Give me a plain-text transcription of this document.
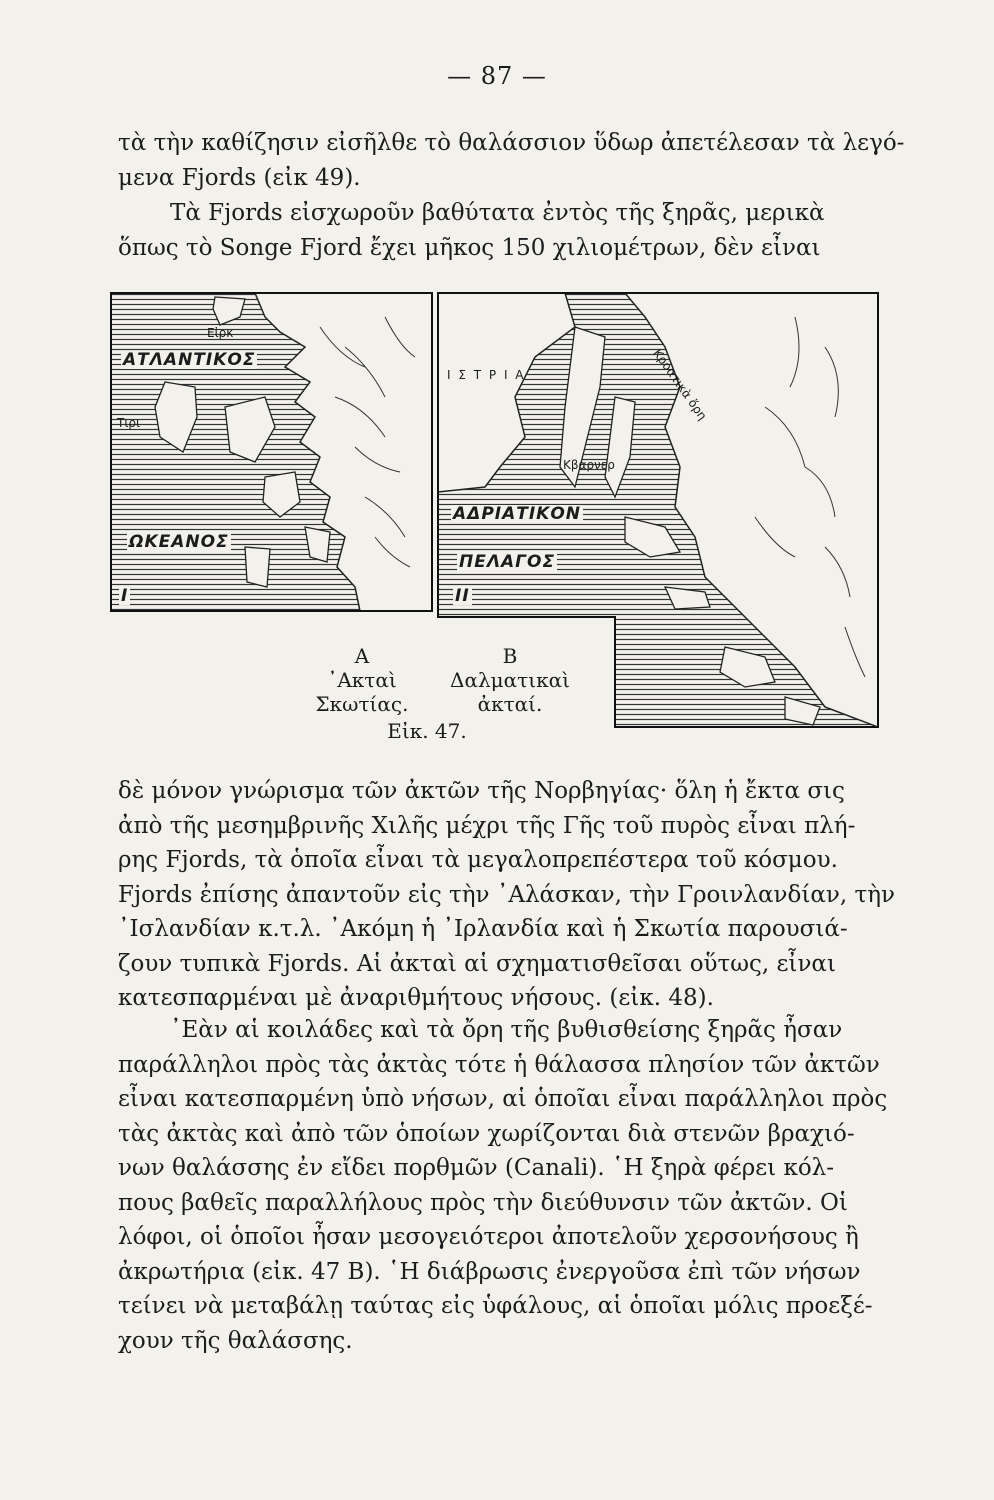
— 87 —

τὰ τὴν καθίζησιν εἰσῆλθε τὸ θαλάσσιον ὕδωρ ἀπετέλεσαν τὰ λεγό-
μενα Fjords (εἰκ 49).

Τὰ Fjords εἰσχωροῦν βαθύτατα ἐντὸς τῆς ξηρᾶς, μερικὰ
ὅπως τὸ Songe Fjord ἔχει μῆκος 150 χιλιομέτρων, δὲν εἶναι

Εἰρκ
ΑΤΛΑΝΤΙΚΟΣ
Τιρι
ΩΚΕΑΝΟΣ
I
Ι Σ Τ Ρ Ι Α
ΑΔΡΙΑΤΙΚΟΝ
ΠΕΛΑΓΟΣ
II
Κβαρνερ
Κροατικὰ ὄρη
Α
᾿Ακταὶ
Σκωτίας.
Β
Δαλματικαὶ
ἀκταί.
Εἰκ. 47.

δὲ μόνον γνώρισμα τῶν ἀκτῶν τῆς Νορβηγίας· ὅλη ἡ ἔκτα σις
ἀπὸ τῆς μεσημβρινῆς Χιλῆς μέχρι τῆς Γῆς τοῦ πυρὸς εἶναι πλή-
ρης Fjords, τὰ ὁποῖα εἶναι τὰ μεγαλοπρεπέστερα τοῦ κόσμου.
Fjords ἐπίσης ἀπαντοῦν εἰς τὴν ᾿Αλάσκαν, τὴν Γροινλανδίαν, τὴν
᾿Ισλανδίαν κ.τ.λ. ᾿Ακόμη ἡ ᾿Ιρλανδία καὶ ἡ Σκωτία παρουσιά-
ζουν τυπικὰ Fjords. Αἱ ἀκταὶ αἱ σχηματισθεῖσαι οὕτως, εἶναι
κατεσπαρμέναι μὲ ἀναριθμήτους νήσους. (εἰκ. 48).

᾿Εὰν αἱ κοιλάδες καὶ τὰ ὄρη τῆς βυθισθείσης ξηρᾶς ἦσαν
παράλληλοι πρὸς τὰς ἀκτὰς τότε ἡ θάλασσα πλησίον τῶν ἀκτῶν
εἶναι κατεσπαρμένη ὑπὸ νήσων, αἱ ὁποῖαι εἶναι παράλληλοι πρὸς
τὰς ἀκτὰς καὶ ἀπὸ τῶν ὁποίων χωρίζονται διὰ στενῶν βραχιό-
νων θαλάσσης ἐν εἴδει πορθμῶν (Canali). ῾Η ξηρὰ φέρει κόλ-
πους βαθεῖς παραλλήλους πρὸς τὴν διεύθυνσιν τῶν ἀκτῶν. Οἱ
λόφοι, οἱ ὁποῖοι ἦσαν μεσογειότεροι ἀποτελοῦν χερσονήσους ἢ
ἀκρωτήρια (εἰκ. 47 Β). ῾Η διάβρωσις ἐνεργοῦσα ἐπὶ τῶν νήσων
τείνει νὰ μεταβάλῃ ταύτας εἰς ὑφάλους, αἱ ὁποῖαι μόλις προεξέ-
χουν τῆς θαλάσσης.
